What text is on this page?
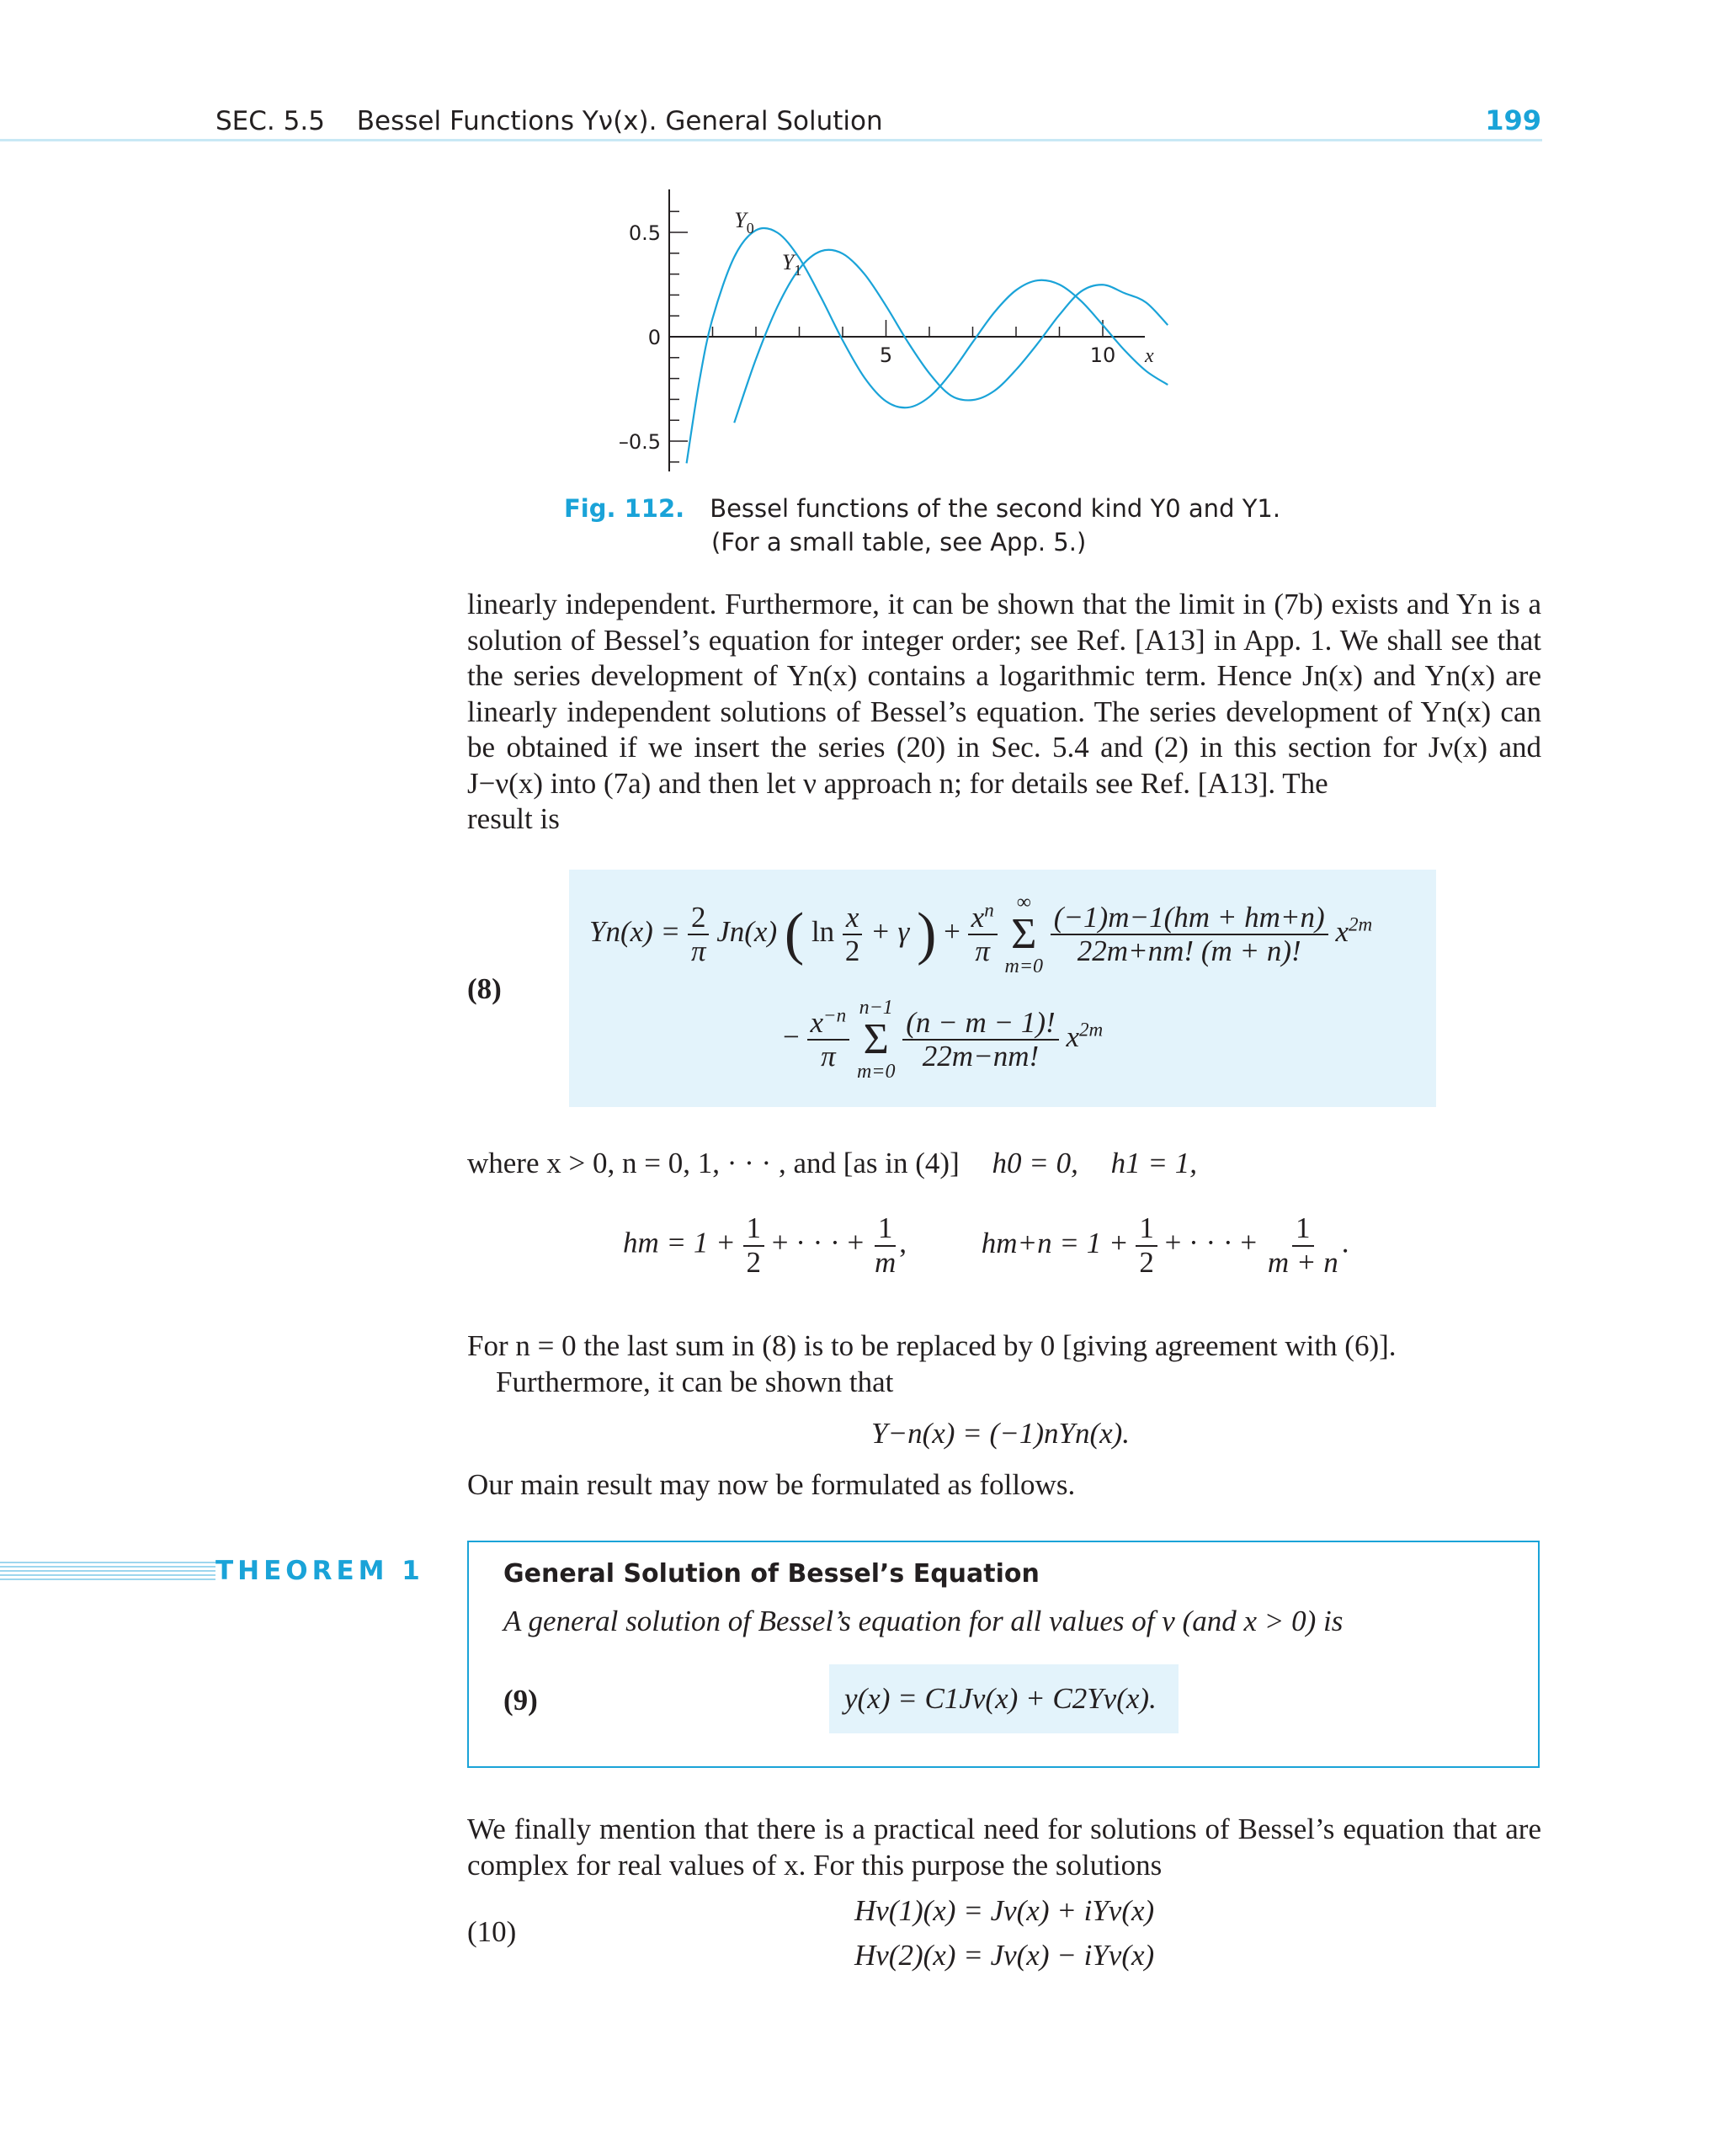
SEC. 5.5 Bessel Functions Yν(x). General Solution	199
0.5
0
–0.5
5	10 x
$Y_0$
$Y_1$
Fig. 112. Bessel functions of the second kind Y0 and Y1.
(For a small table, see App. 5.)
linearly independent. Furthermore, it can be shown that the limit in (7b) exists and Yn is a solution of Bessel’s equation for integer order; see Ref. [A13] in App. 1. We shall see that the series development of Yn(x) contains a logarithmic term. Hence Jn(x) and Yn(x) are linearly independent solutions of Bessel’s equation. The series development of Yn(x) can be obtained if we insert the series (20) in Sec. 5.4 and (2) in this section for Jν(x) and J−ν(x) into (7a) and then let ν approach n; for details see Ref. [A13]. The
result is
(8)
$Yn(x) = \frac{2}{\pi} Jn(x)$ ( $\ln \frac{x}{2} + \gamma$ ) + $\frac{x^n}{\pi}$
∞
Σ
m=0
$\frac{(-1)m-1(hm + hm+n)}{22m+nm! (m + n)!} x^{2m}$
− $\frac{x^{-n}}{\pi}$
n−1
Σ
m=0
$\frac{(n - m - 1)!}{22m-nm!} x^{2m}$
where x > 0, n = 0, 1, · · · , and [as in (4)] h0 = 0, h1 = 1,
hm = $1 + \frac{1}{2}$ + · · · + $\frac{1}{m}$ ,	$hm+n = 1 + \frac{1}{2}$ + · · · + $\frac{1}{m + n}$ .
For n = 0 the last sum in (8) is to be replaced by 0 [giving agreement with (6)].
Furthermore, it can be shown that
Y−n(x) = (−1)nYn(x).
Our main result may now be formulated as follows.
THEOREM 1	General Solution of Bessel’s Equation
A general solution of Bessel’s equation for all values of ν (and x > 0) is
(9)	y(x) = C1Jν(x) + C2Yν(x).
We finally mention that there is a practical need for solutions of Bessel’s equation that are complex for real values of x. For this purpose the solutions
(10)
Hν(1)(x) = Jν(x) + iYν(x)
Hν(2)(x) = Jν(x) − iYν(x)
